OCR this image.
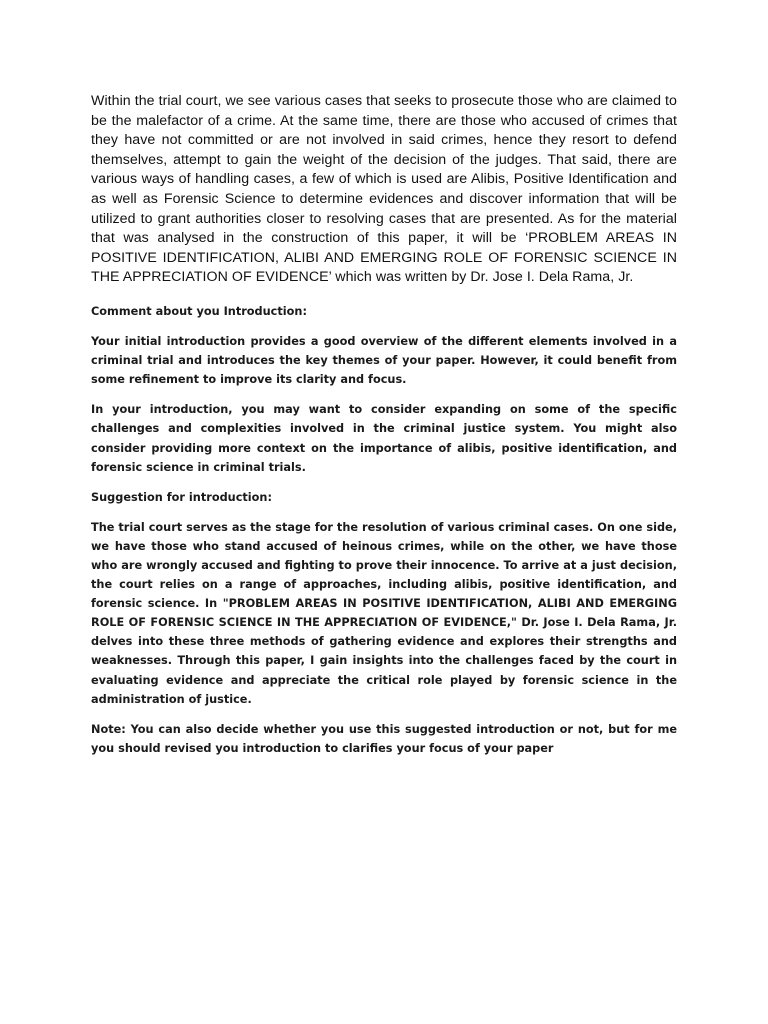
Within the trial court, we see various cases that seeks to prosecute those who are claimed to be the malefactor of a crime. At the same time, there are those who accused of crimes that they have not committed or are not involved in said crimes, hence they resort to defend themselves, attempt to gain the weight of the decision of the judges. That said, there are various ways of handling cases, a few of which is used are Alibis, Positive Identification and as well as Forensic Science to determine evidences and discover information that will be utilized to grant authorities closer to resolving cases that are presented. As for the material that was analysed in the construction of this paper, it will be ‘PROBLEM AREAS IN POSITIVE IDENTIFICATION, ALIBI AND EMERGING ROLE OF FORENSIC SCIENCE IN THE APPRECIATION OF EVIDENCE’ which was written by Dr. Jose I. Dela Rama, Jr.

Comment about you Introduction:

Your initial introduction provides a good overview of the different elements involved in a criminal trial and introduces the key themes of your paper. However, it could benefit from some refinement to improve its clarity and focus.

In your introduction, you may want to consider expanding on some of the specific challenges and complexities involved in the criminal justice system. You might also consider providing more context on the importance of alibis, positive identification, and forensic science in criminal trials.

Suggestion for introduction:

The trial court serves as the stage for the resolution of various criminal cases. On one side, we have those who stand accused of heinous crimes, while on the other, we have those who are wrongly accused and fighting to prove their innocence. To arrive at a just decision, the court relies on a range of approaches, including alibis, positive identification, and forensic science. In "PROBLEM AREAS IN POSITIVE IDENTIFICATION, ALIBI AND EMERGING ROLE OF FORENSIC SCIENCE IN THE APPRECIATION OF EVIDENCE," Dr. Jose I. Dela Rama, Jr. delves into these three methods of gathering evidence and explores their strengths and weaknesses. Through this paper, I gain insights into the challenges faced by the court in evaluating evidence and appreciate the critical role played by forensic science in the administration of justice.

Note: You can also decide whether you use this suggested introduction or not, but for me you should revised you introduction to clarifies your focus of your paper
